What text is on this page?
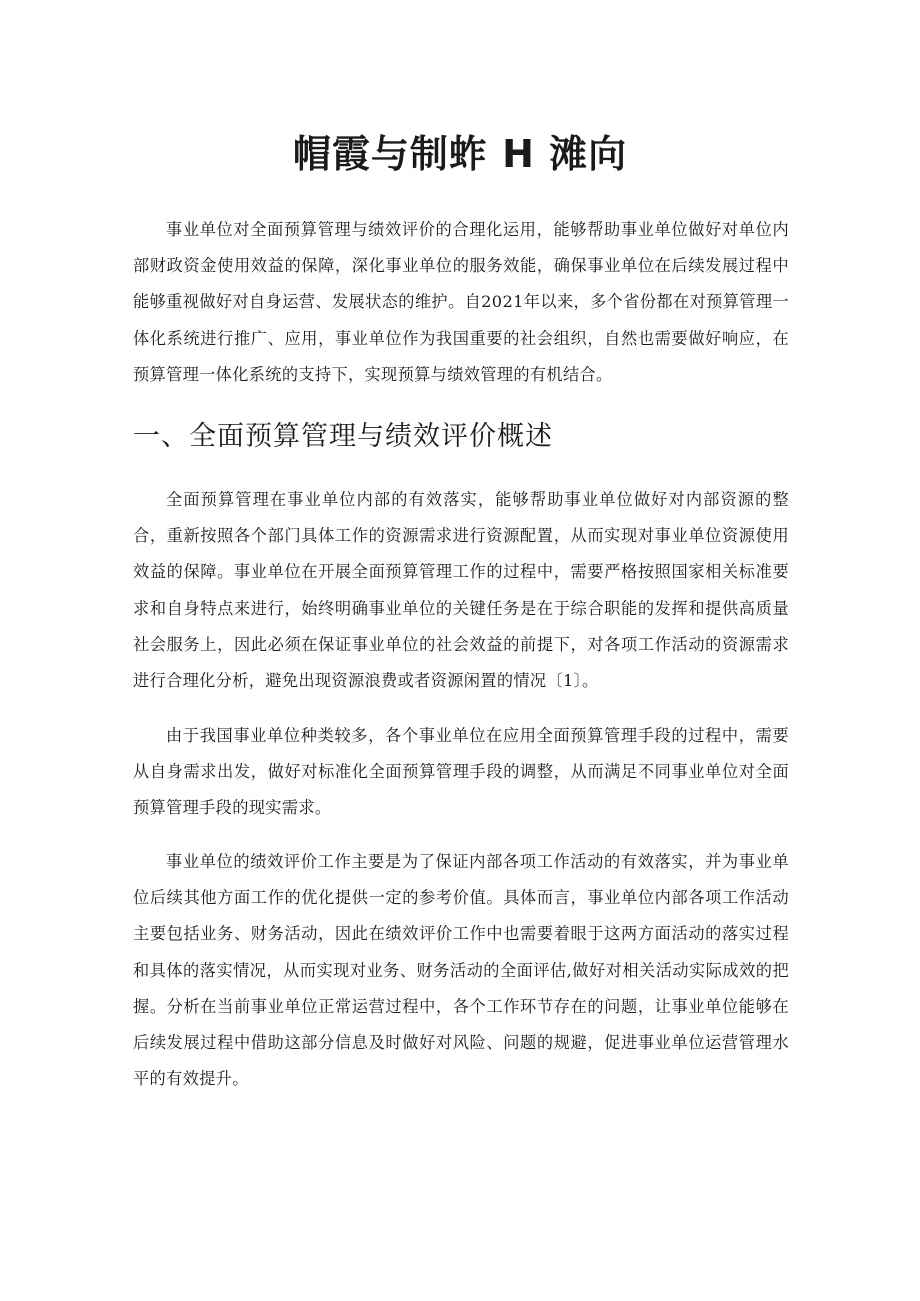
帽霞与制蚱 H 滩向

事业单位对全面预算管理与绩效评价的合理化运用，能够帮助事业单位做好对单位内部财政资金使用效益的保障，深化事业单位的服务效能，确保事业单位在后续发展过程中能够重视做好对自身运营、发展状态的维护。自2021年以来，多个省份都在对预算管理一体化系统进行推广、应用，事业单位作为我国重要的社会组织，自然也需要做好响应，在预算管理一体化系统的支持下，实现预算与绩效管理的有机结合。

一、全面预算管理与绩效评价概述

全面预算管理在事业单位内部的有效落实，能够帮助事业单位做好对内部资源的整合，重新按照各个部门具体工作的资源需求进行资源配置，从而实现对事业单位资源使用效益的保障。事业单位在开展全面预算管理工作的过程中，需要严格按照国家相关标准要求和自身特点来进行，始终明确事业单位的关键任务是在于综合职能的发挥和提供高质量社会服务上，因此必须在保证事业单位的社会效益的前提下，对各项工作活动的资源需求进行合理化分析，避免出现资源浪费或者资源闲置的情况〔1〕。

由于我国事业单位种类较多，各个事业单位在应用全面预算管理手段的过程中，需要从自身需求出发，做好对标准化全面预算管理手段的调整，从而满足不同事业单位对全面预算管理手段的现实需求。

事业单位的绩效评价工作主要是为了保证内部各项工作活动的有效落实，并为事业单位后续其他方面工作的优化提供一定的参考价值。具体而言，事业单位内部各项工作活动主要包括业务、财务活动，因此在绩效评价工作中也需要着眼于这两方面活动的落实过程和具体的落实情况，从而实现对业务、财务活动的全面评估,做好对相关活动实际成效的把握。分析在当前事业单位正常运营过程中，各个工作环节存在的问题，让事业单位能够在后续发展过程中借助这部分信息及时做好对风险、问题的规避，促进事业单位运营管理水平的有效提升。
